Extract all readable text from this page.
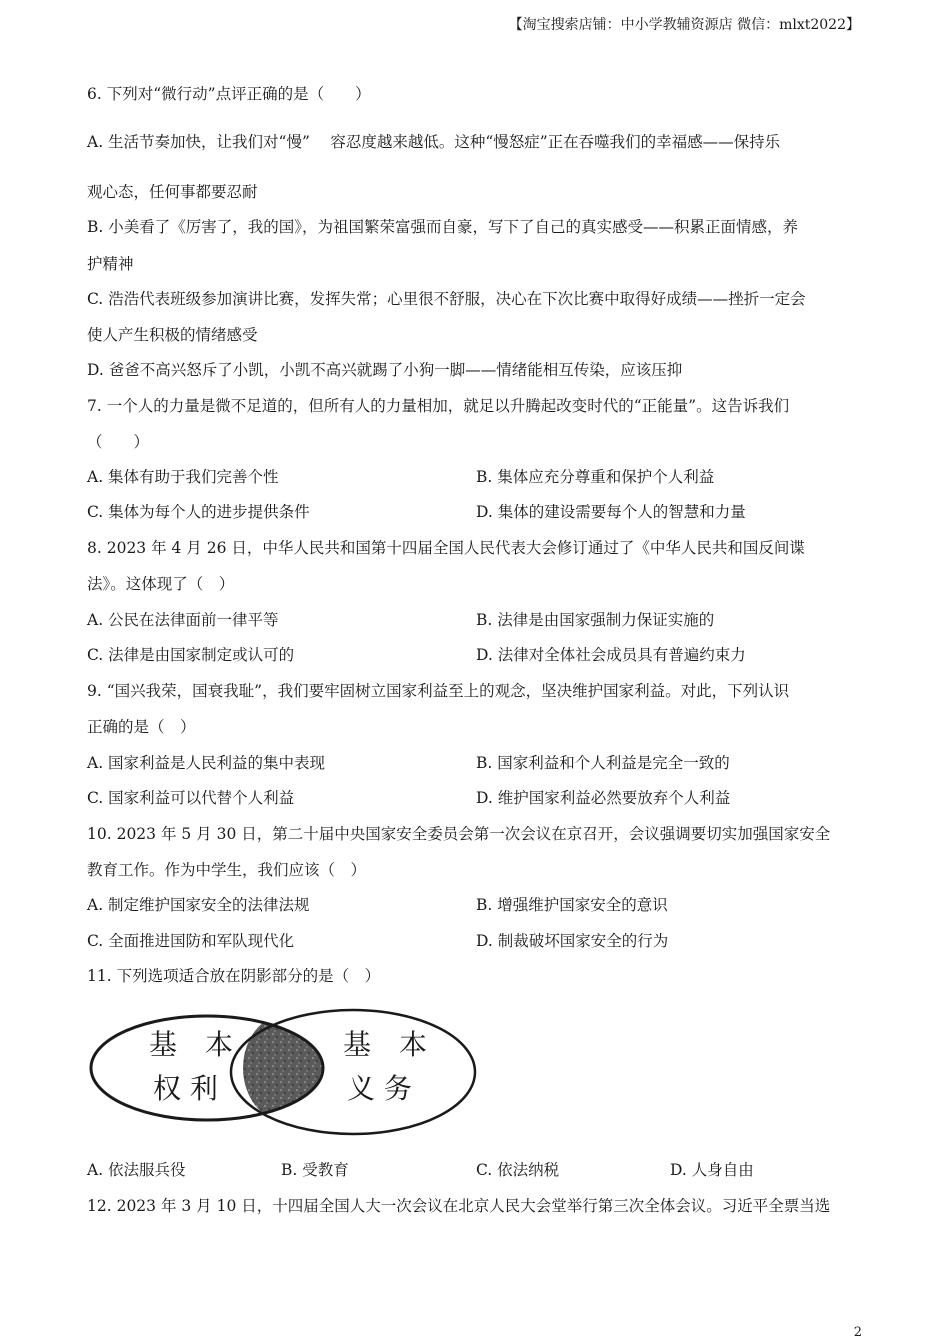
【淘宝搜索店铺：中小学教辅资源店 微信：mlxt2022】
6. 下列对“微行动”点评正确的是（　　）
A. 生活节奏加快，让我们对“慢”　 容忍度越来越低。这种“慢怒症”正在吞噬我们的幸福感——保持乐
观心态，任何事都要忍耐
B. 小美看了《厉害了，我的国》，为祖国繁荣富强而自豪，写下了自己的真实感受——积累正面情感，养
护精神
C. 浩浩代表班级参加演讲比赛，发挥失常；心里很不舒服，决心在下次比赛中取得好成绩——挫折一定会
使人产生积极的情绪感受
D. 爸爸不高兴怒斥了小凯，小凯不高兴就踢了小狗一脚——情绪能相互传染，应该压抑
7. 一个人的力量是微不足道的，但所有人的力量相加，就足以升腾起改变时代的“正能量”。这告诉我们
（　　）
A. 集体有助于我们完善个性	B. 集体应充分尊重和保护个人利益
C. 集体为每个人的进步提供条件	D. 集体的建设需要每个人的智慧和力量
8. 2023 年 4 月 26 日，中华人民共和国第十四届全国人民代表大会修订通过了《中华人民共和国反间谍
法》。这体现了（　）
A. 公民在法律面前一律平等	B. 法律是由国家强制力保证实施的
C. 法律是由国家制定或认可的	D. 法律对全体社会成员具有普遍约束力
9. “国兴我荣，国衰我耻”，我们要牢固树立国家利益至上的观念，坚决维护国家利益。对此，下列认识
正确的是（　）
A. 国家利益是人民利益的集中表现	B. 国家利益和个人利益是完全一致的
C. 国家利益可以代替个人利益	D. 维护国家利益必然要放弃个人利益
10. 2023 年 5 月 30 日，第二十届中央国家安全委员会第一次会议在京召开，会议强调要切实加强国家安全
教育工作。作为中学生，我们应该（　）
A. 制定维护国家安全的法律法规	B. 增强维护国家安全的意识
C. 全面推进国防和军队现代化	D. 制裁破坏国家安全的行为
11. 下列选项适合放在阴影部分的是（　）
基　本
权 利
基　本
义 务
A. 依法服兵役	B. 受教育	C. 依法纳税	D. 人身自由
12. 2023 年 3 月 10 日，十四届全国人大一次会议在北京人民大会堂举行第三次全体会议。习近平全票当选
2
